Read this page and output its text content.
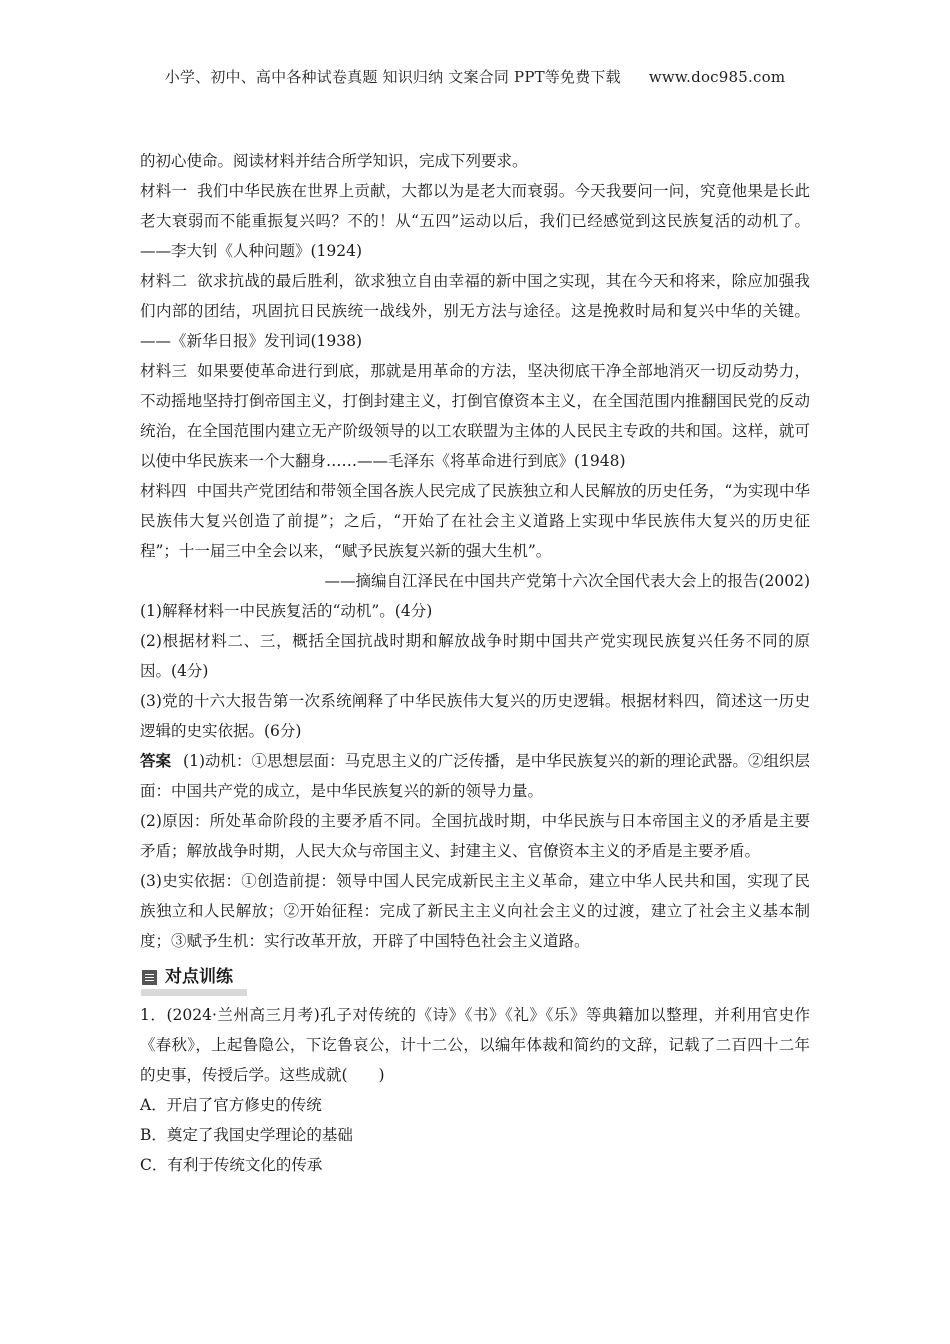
小学、初中、高中各种试卷真题 知识归纳 文案合同 PPT等免费下载 www.doc985.com

的初心使命。阅读材料并结合所学知识，完成下列要求。

材料一 我们中华民族在世界上贡献，大都以为是老大而衰弱。今天我要问一问，究竟他果是长此老大衰弱而不能重振复兴吗？不的！从“五四”运动以后，我们已经感觉到这民族复活的动机了。——李大钊《人种问题》(1924)

材料二 欲求抗战的最后胜利，欲求独立自由幸福的新中国之实现，其在今天和将来，除应加强我们内部的团结，巩固抗日民族统一战线外，别无方法与途径。这是挽救时局和复兴中华的关键。——《新华日报》发刊词(1938)

材料三 如果要使革命进行到底，那就是用革命的方法，坚决彻底干净全部地消灭一切反动势力，不动摇地坚持打倒帝国主义，打倒封建主义，打倒官僚资本主义，在全国范围内推翻国民党的反动统治，在全国范围内建立无产阶级领导的以工农联盟为主体的人民民主专政的共和国。这样，就可以使中华民族来一个大翻身……——毛泽东《将革命进行到底》(1948)

材料四 中国共产党团结和带领全国各族人民完成了民族独立和人民解放的历史任务，“为实现中华民族伟大复兴创造了前提”；之后，“开始了在社会主义道路上实现中华民族伟大复兴的历史征程”；十一届三中全会以来，“赋予民族复兴新的强大生机”。

——摘编自江泽民在中国共产党第十六次全国代表大会上的报告(2002)

(1)解释材料一中民族复活的“动机”。(4分)

(2)根据材料二、三，概括全国抗战时期和解放战争时期中国共产党实现民族复兴任务不同的原因。(4分)

(3)党的十六大报告第一次系统阐释了中华民族伟大复兴的历史逻辑。根据材料四，简述这一历史逻辑的史实依据。(6分)

答案 (1)动机：①思想层面：马克思主义的广泛传播，是中华民族复兴的新的理论武器。②组织层面：中国共产党的成立，是中华民族复兴的新的领导力量。

(2)原因：所处革命阶段的主要矛盾不同。全国抗战时期，中华民族与日本帝国主义的矛盾是主要矛盾；解放战争时期，人民大众与帝国主义、封建主义、官僚资本主义的矛盾是主要矛盾。

(3)史实依据：①创造前提：领导中国人民完成新民主主义革命，建立中华人民共和国，实现了民族独立和人民解放；②开始征程：完成了新民主主义向社会主义的过渡，建立了社会主义基本制度；③赋予生机：实行改革开放，开辟了中国特色社会主义道路。

对点训练

1．(2024·兰州高三月考)孔子对传统的《诗》《书》《礼》《乐》等典籍加以整理，并利用官史作《春秋》，上起鲁隐公，下讫鲁哀公，计十二公，以编年体裁和简约的文辞，记载了二百四十二年的史事，传授后学。这些成就(　　)

A．开启了官方修史的传统

B．奠定了我国史学理论的基础

C．有利于传统文化的传承
